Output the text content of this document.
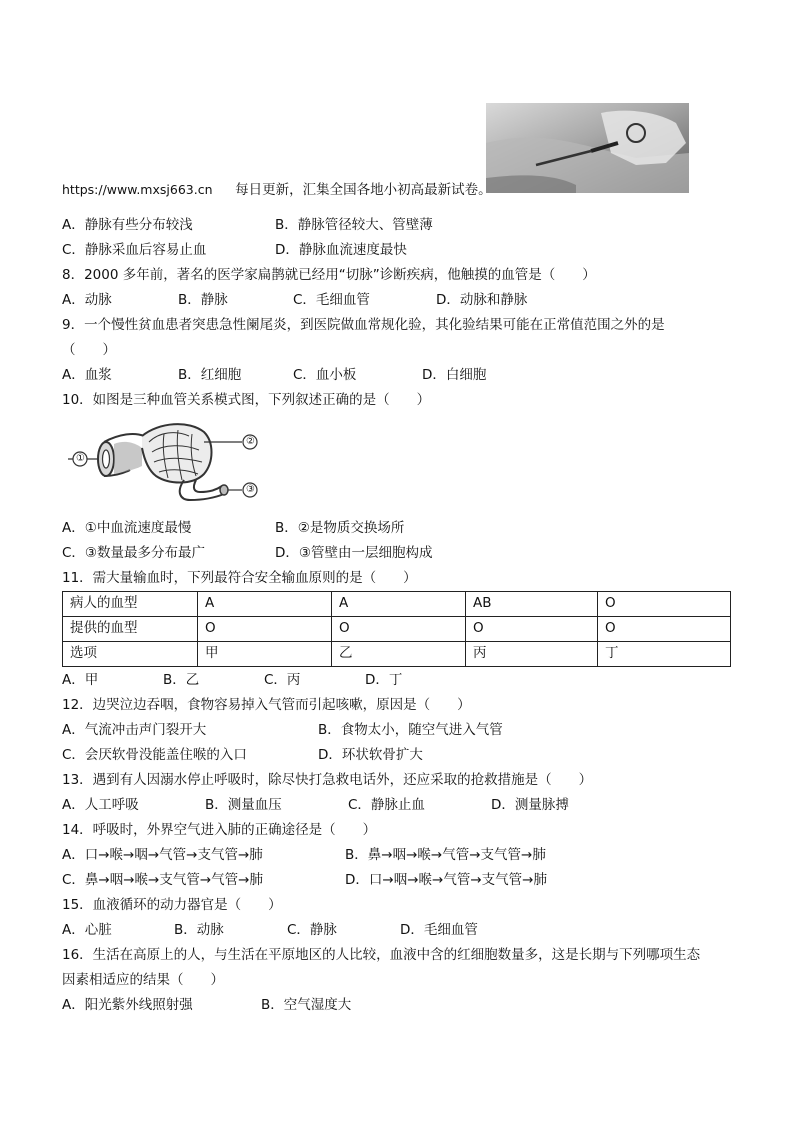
https://www.mxsj663.cn 每日更新，汇集全国各地小初高最新试卷。
A．静脉有些分布较浅	B．静脉管径较大、管壁薄
C．静脉采血后容易止血	D．静脉血流速度最快
8．2000 多年前，著名的医学家扁鹊就已经用“切脉”诊断疾病，他触摸的血管是（　　）
A．动脉	B．静脉	C．毛细血管	D．动脉和静脉
9．一个慢性贫血患者突患急性阑尾炎，到医院做血常规化验，其化验结果可能在正常值范围之外的是
（　　）
A．血浆	B．红细胞	C．血小板	D．白细胞
10．如图是三种血管关系模式图，下列叙述正确的是（　　）
①
②
③
A．①中血流速度最慢	B．②是物质交换场所
C．③数量最多分布最广	D．③管壁由一层细胞构成
11．需大量输血时，下列最符合安全输血原则的是（　　）
病人的血型	A	A	AB	O
提供的血型	O	O	O	O
选项	甲	乙	丙	丁
A．甲	B．乙	C．丙	D．丁
12．边哭泣边吞咽，食物容易掉入气管而引起咳嗽，原因是（　　）
A．气流冲击声门裂开大	B．食物太小，随空气进入气管
C．会厌软骨没能盖住喉的入口	D．环状软骨扩大
13．遇到有人因溺水停止呼吸时，除尽快打急救电话外，还应采取的抢救措施是（　　）
A．人工呼吸	B．测量血压	C．静脉止血	D．测量脉搏
14．呼吸时，外界空气进入肺的正确途径是（　　）
A．口→喉→咽→气管→支气管→肺	B．鼻→咽→喉→气管→支气管→肺
C．鼻→咽→喉→支气管→气管→肺	D．口→咽→喉→气管→支气管→肺
15．血液循环的动力器官是（　　）
A．心脏	B．动脉	C．静脉	D．毛细血管
16．生活在高原上的人，与生活在平原地区的人比较，血液中含的红细胞数量多，这是长期与下列哪项生态
因素相适应的结果（　　）
A．阳光紫外线照射强	B．空气湿度大
